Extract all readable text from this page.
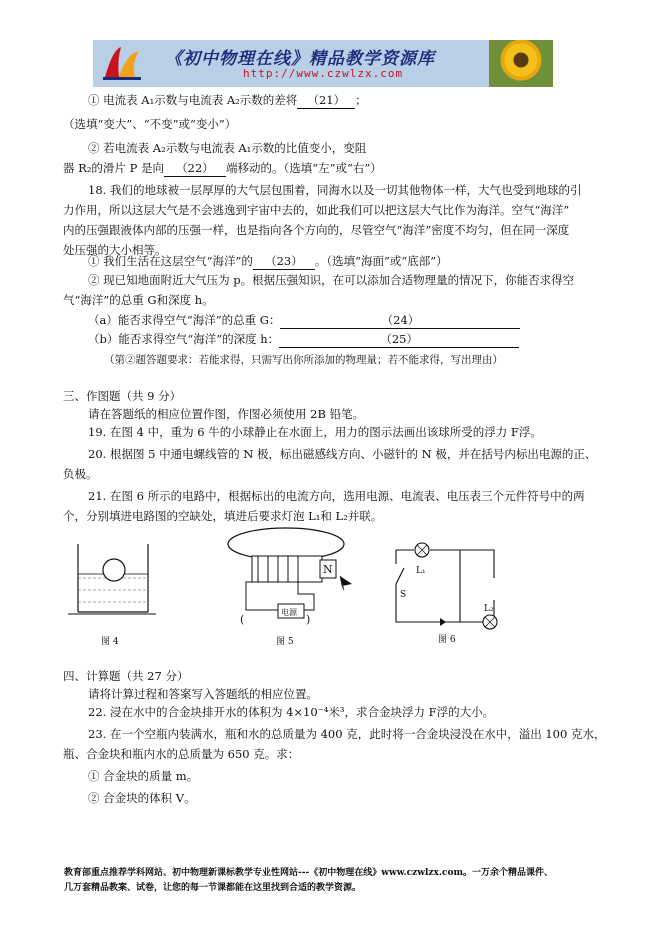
《初中物理在线》精品教学资源库
http://www.czwlzx.com
① 电流表 A₁示数与电流表 A₂示数的差将 （21） ；
（选填“变大”、“不变”或“变小”）
② 若电流表 A₂示数与电流表 A₁示数的比值变小，变阻
器 R₂的滑片 P 是向 （22） 端移动的。（选填“左”或“右”）
18. 我们的地球被一层厚厚的大气层包围着，同海水以及一切其他物体一样，大气也受到地球的引
力作用，所以这层大气是不会逃逸到宇宙中去的，如此我们可以把这层大气比作为海洋。空气“海洋”
内的压强跟液体内部的压强一样，也是指向各个方向的，尽管空气“海洋”密度不均匀，但在同一深度
处压强的大小相等。
① 我们生活在这层空气“海洋”的 （23） 。（选填“海面”或“底部”）
② 现已知地面附近大气压为 p。根据压强知识，在可以添加合适物理量的情况下，你能否求得空
气“海洋”的总重 G和深度 h。
（a）能否求得空气“海洋”的总重 G：	（24）
（b）能否求得空气“海洋”的深度 h：	（25）
（第②题答题要求：若能求得，只需写出你所添加的物理量；若不能求得，写出理由）
三、作图题（共 9 分）
请在答题纸的相应位置作图，作图必须使用 2B 铅笔。
19. 在图 4 中，重为 6 牛的小球静止在水面上，用力的图示法画出该球所受的浮力 F浮。
20. 根据图 5 中通电螺线管的 N 极，标出磁感线方向、小磁针的 N 极，并在括号内标出电源的正、
负极。
21. 在图 6 所示的电路中，根据标出的电流方向，选用电源、电流表、电压表三个元件符号中的两
个，分别填进电路图的空缺处，填进后要求灯泡 L₁和 L₂并联。
图 4
N
电源
(	)
图 5
L₁
L₂
S
图 6
四、计算题（共 27 分）
请将计算过程和答案写入答题纸的相应位置。
22. 浸在水中的合金块排开水的体积为 4×10⁻⁴米³，求合金块浮力 F浮的大小。
23. 在一个空瓶内装满水，瓶和水的总质量为 400 克，此时将一合金块浸没在水中，溢出 100 克水，
瓶、合金块和瓶内水的总质量为 650 克。求：
① 合金块的质量 m。
② 合金块的体积 V。
教育部重点推荐学科网站、初中物理新课标教学专业性网站---《初中物理在线》www.czwlzx.com。一万余个精品课件、
几万套精品教案、试卷，让您的每一节课都能在这里找到合适的教学资源。
